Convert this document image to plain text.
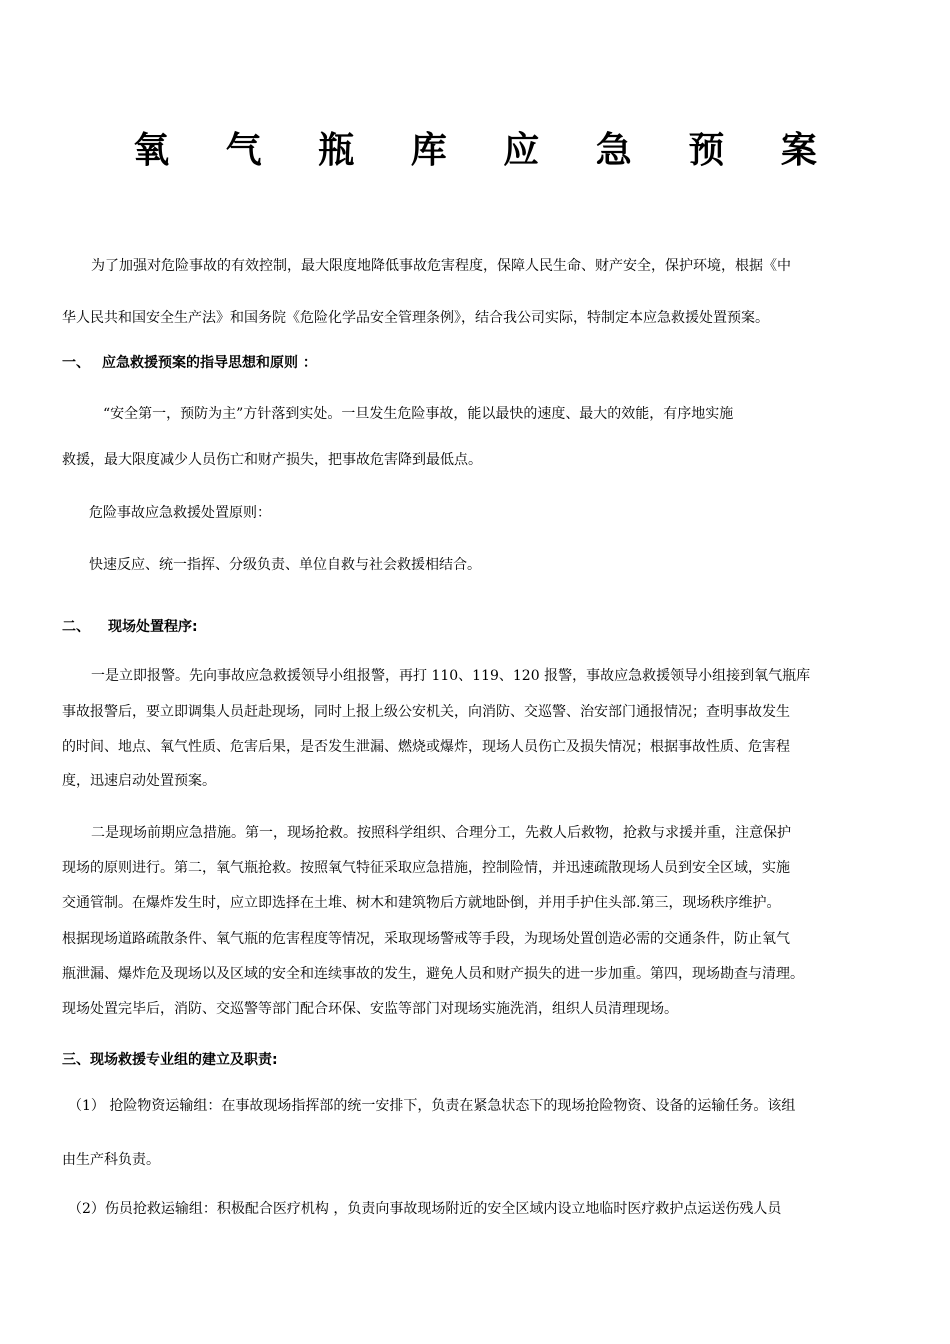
氧 气 瓶 库 应 急 预 案

为了加强对危险事故的有效控制，最大限度地降低事故危害程度，保障人民生命、财产安全，保护环境，根据《中

华人民共和国安全生产法》和国务院《危险化学品安全管理条例》，结合我公司实际，特制定本应急救援处置预案。

一、 应急救援预案的指导思想和原则 ：

“安全第一，预防为主”方针落到实处。一旦发生危险事故，能以最快的速度、最大的效能，有序地实施

救援，最大限度减少人员伤亡和财产损失，把事故危害降到最低点。

危险事故应急救援处置原则：

快速反应、统一指挥、分级负责、单位自救与社会救援相结合。

二、 现场处置程序:

一是立即报警。先向事故应急救援领导小组报警，再打 110、119、120 报警，事故应急救援领导小组接到氧气瓶库

事故报警后，要立即调集人员赶赴现场，同时上报上级公安机关，向消防、交巡警、治安部门通报情况；查明事故发生

的时间、地点、氧气性质、危害后果，是否发生泄漏、燃烧或爆炸，现场人员伤亡及损失情况；根据事故性质、危害程

度，迅速启动处置预案。

二是现场前期应急措施。第一，现场抢救。按照科学组织、合理分工，先救人后救物，抢救与求援并重，注意保护

现场的原则进行。第二，氧气瓶抢救。按照氧气特征采取应急措施，控制险情，并迅速疏散现场人员到安全区域，实施

交通管制。在爆炸发生时，应立即选择在土堆、树木和建筑物后方就地卧倒，并用手护住头部.第三，现场秩序维护。

根据现场道路疏散条件、氧气瓶的危害程度等情况，采取现场警戒等手段，为现场处置创造必需的交通条件，防止氧气

瓶泄漏、爆炸危及现场以及区域的安全和连续事故的发生，避免人员和财产损失的进一步加重。第四，现场勘查与清理。

现场处置完毕后，消防、交巡警等部门配合环保、安监等部门对现场实施洗消，组织人员清理现场。

三、现场救援专业组的建立及职责:

（1） 抢险物资运输组：在事故现场指挥部的统一安排下，负责在紧急状态下的现场抢险物资、设备的运输任务。该组

由生产科负责。

（2）伤员抢救运输组：积极配合医疗机构 ，负责向事故现场附近的安全区域内设立地临时医疗救护点运送伤残人员
